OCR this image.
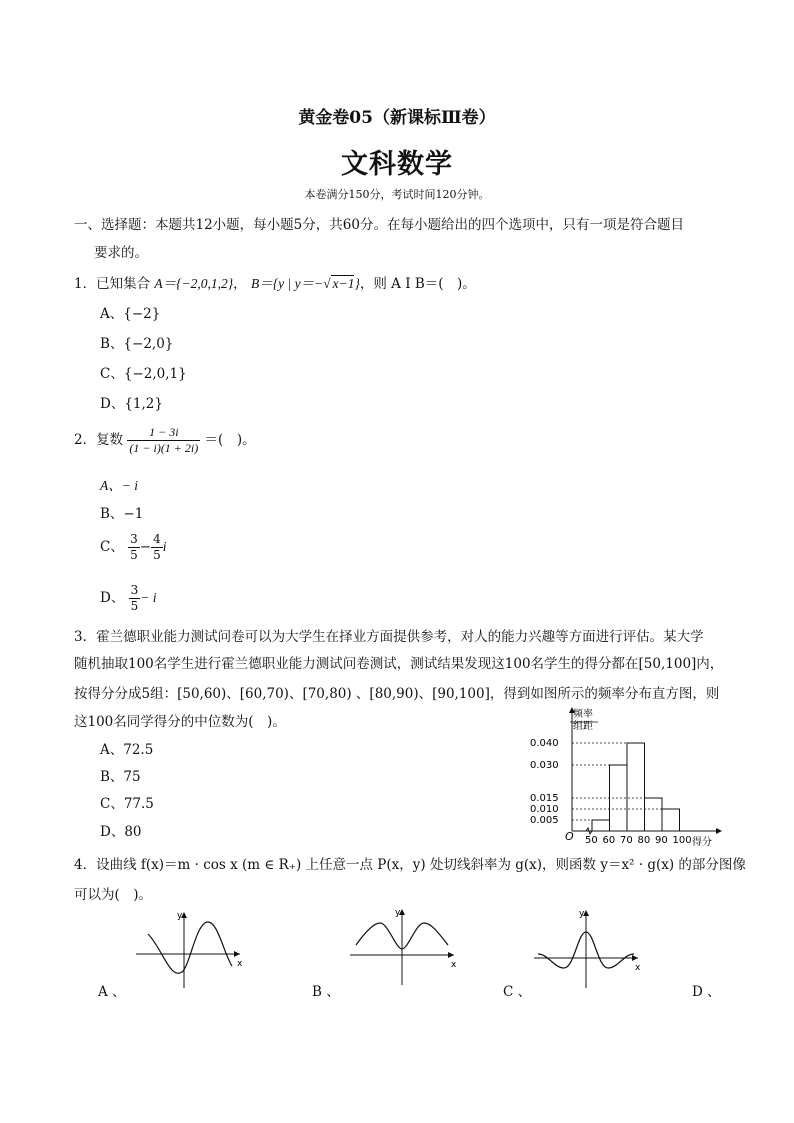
黄金卷05（新课标Ⅲ卷）
文科数学
本卷满分150分，考试时间120分钟。
一、选择题：本题共12小题，每小题5分，共60分。在每小题给出的四个选项中，只有一项是符合题目
要求的。
1．已知集合 A＝{−2,0,1,2}， B＝{y | y＝−√ x−1}，则 A I B＝(　)。
A、{−2}
B、{−2,0}
C、{−2,0,1}
D、{1,2}
2．复数 $\frac{1 - 3i}{(1 - i)(1 + 2i)}$ ＝(　)。
A、− i
B、−1
C、 $\frac{3}{5} - \frac{4}{5}$ i
D、 $\frac{3}{5} - i$
3．霍兰德职业能力测试问卷可以为大学生在择业方面提供参考，对人的能力兴趣等方面进行评估。某大学
随机抽取100名学生进行霍兰德职业能力测试问卷测试，测试结果发现这100名学生的得分都在[50,100]内，
按得分分成5组：[50,60)、[60,70)、[70,80) 、[80,90)、[90,100]，得到如图所示的频率分布直方图，则
这100名同学得分的中位数为(　)。
A、72.5
B、75
C、77.5
D、80
0.040
0.030
0.015
0.010
0.005
50 60 70 80 90 100
频率
组距
得分
O
4．设曲线 f(x)＝m · cos x (m ∈ R₊) 上任意一点 P(x，y) 处切线斜率为 g(x)，则函数 y＝x² · g(x) 的部分图像
可以为(　)。
y
x
A 、
y
x
B 、
y
x
C 、	D 、
